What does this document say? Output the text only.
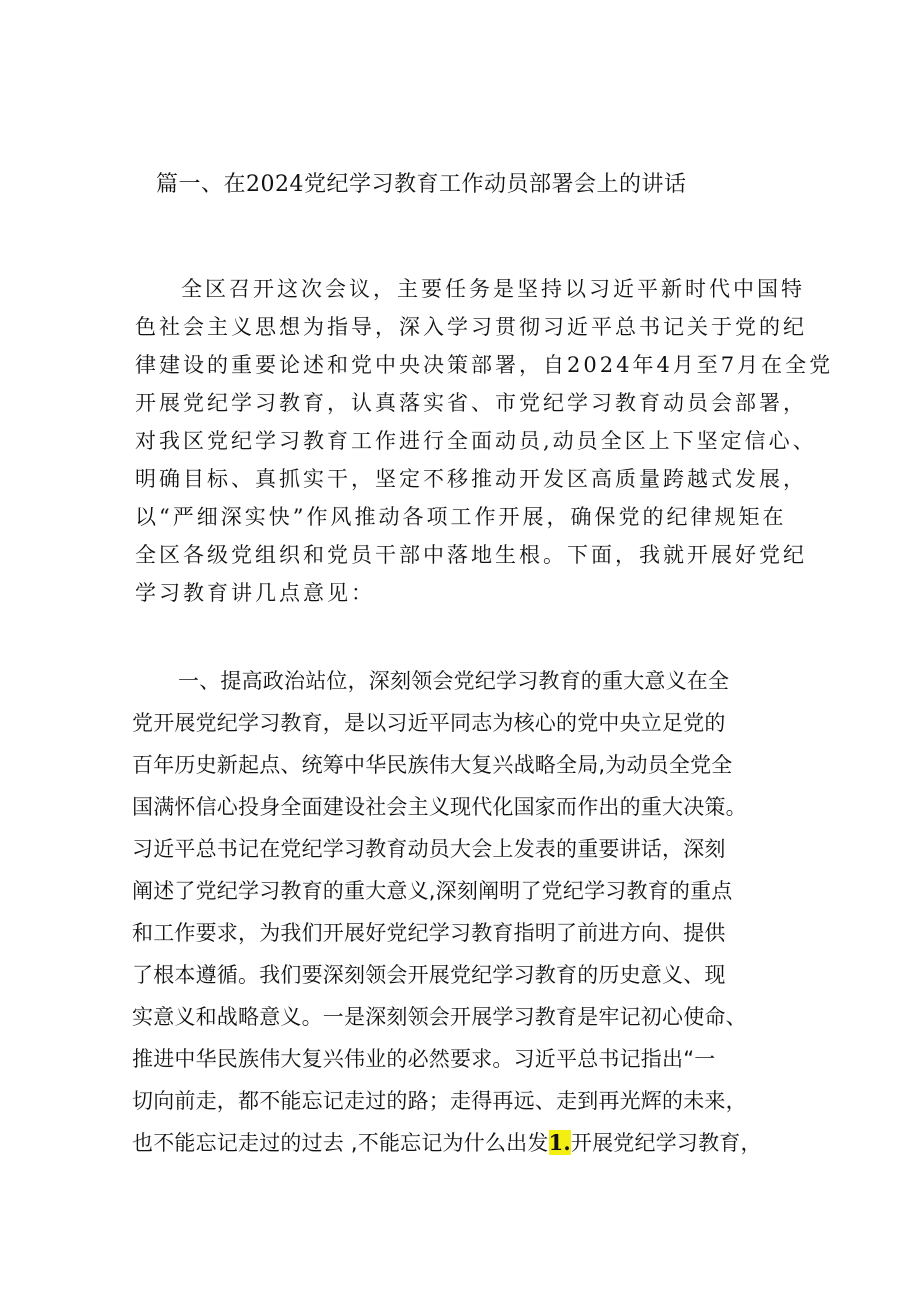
篇一、在2024党纪学习教育工作动员部署会上的讲话
全区召开这次会议，主要任务是坚持以习近平新时代中国特
色社会主义思想为指导，深入学习贯彻习近平总书记关于党的纪
律建设的重要论述和党中央决策部署，自2024年4月至7月在全党
开展党纪学习教育，认真落实省、市党纪学习教育动员会部署，
对我区党纪学习教育工作进行全面动员,动员全区上下坚定信心、
明确目标、真抓实干，坚定不移推动开发区高质量跨越式发展，
以“严细深实快”作风推动各项工作开展，确保党的纪律规矩在
全区各级党组织和党员干部中落地生根。下面，我就开展好党纪
学习教育讲几点意见：
一、提高政治站位，深刻领会党纪学习教育的重大意义在全
党开展党纪学习教育，是以习近平同志为核心的党中央立足党的
百年历史新起点、统筹中华民族伟大复兴战略全局,为动员全党全
国满怀信心投身全面建设社会主义现代化国家而作出的重大决策。
习近平总书记在党纪学习教育动员大会上发表的重要讲话，深刻
阐述了党纪学习教育的重大意义,深刻阐明了党纪学习教育的重点
和工作要求，为我们开展好党纪学习教育指明了前进方向、提供
了根本遵循。我们要深刻领会开展党纪学习教育的历史意义、现
实意义和战略意义。一是深刻领会开展学习教育是牢记初心使命、
推进中华民族伟大复兴伟业的必然要求。习近平总书记指出“一
切向前走，都不能忘记走过的路；走得再远、走到再光辉的未来，
也不能忘记走过的过去 ,不能忘记为什么出发1.开展党纪学习教育，
